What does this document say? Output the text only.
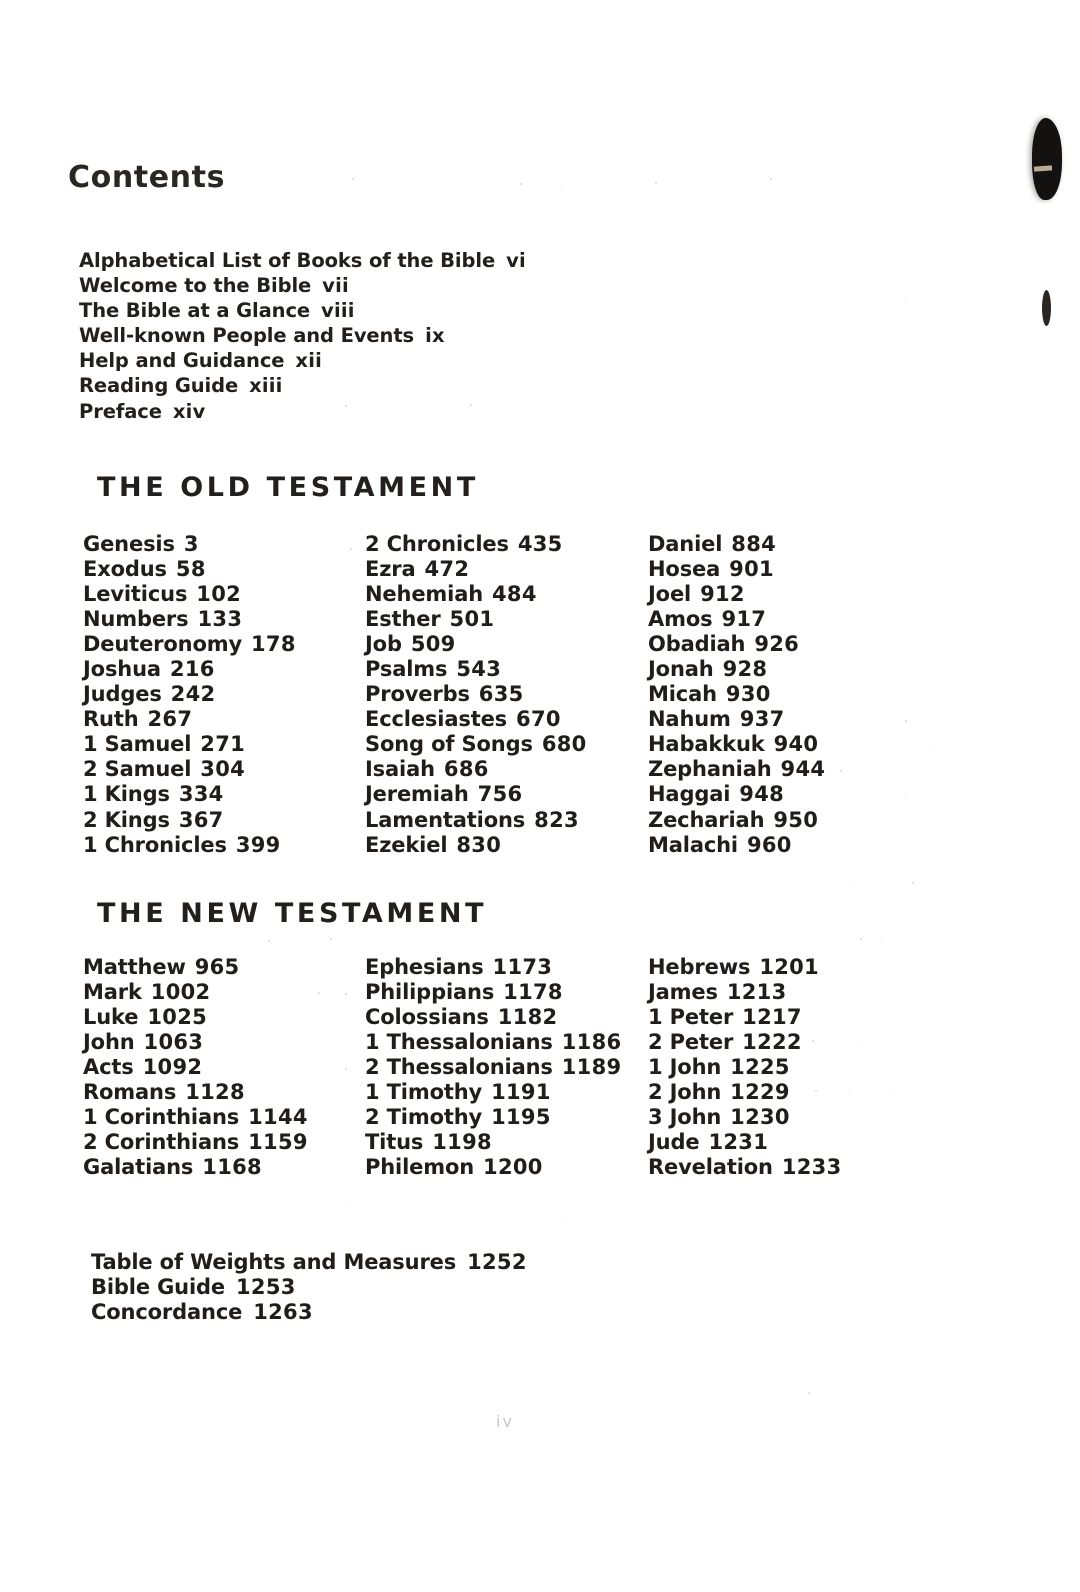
Contents
Alphabetical List of Books of the Bible vi
Welcome to the Bible vii
The Bible at a Glance viii
Well-known People and Events ix
Help and Guidance xii
Reading Guide xiii
Preface xiv
THE OLD TESTAMENT
Genesis 3
Exodus 58
Leviticus 102
Numbers 133
Deuteronomy 178
Joshua 216
Judges 242
Ruth 267
1 Samuel 271
2 Samuel 304
1 Kings 334
2 Kings 367
1 Chronicles 399
2 Chronicles 435
Ezra 472
Nehemiah 484
Esther 501
Job 509
Psalms 543
Proverbs 635
Ecclesiastes 670
Song of Songs 680
Isaiah 686
Jeremiah 756
Lamentations 823
Ezekiel 830
Daniel 884
Hosea 901
Joel 912
Amos 917
Obadiah 926
Jonah 928
Micah 930
Nahum 937
Habakkuk 940
Zephaniah 944
Haggai 948
Zechariah 950
Malachi 960
THE NEW TESTAMENT
Matthew 965
Mark 1002
Luke 1025
John 1063
Acts 1092
Romans 1128
1 Corinthians 1144
2 Corinthians 1159
Galatians 1168
Ephesians 1173
Philippians 1178
Colossians 1182
1 Thessalonians 1186
2 Thessalonians 1189
1 Timothy 1191
2 Timothy 1195
Titus 1198
Philemon 1200
Hebrews 1201
James 1213
1 Peter 1217
2 Peter 1222
1 John 1225
2 John 1229
3 John 1230
Jude 1231
Revelation 1233
Table of Weights and Measures 1252
Bible Guide 1253
Concordance 1263
iv
